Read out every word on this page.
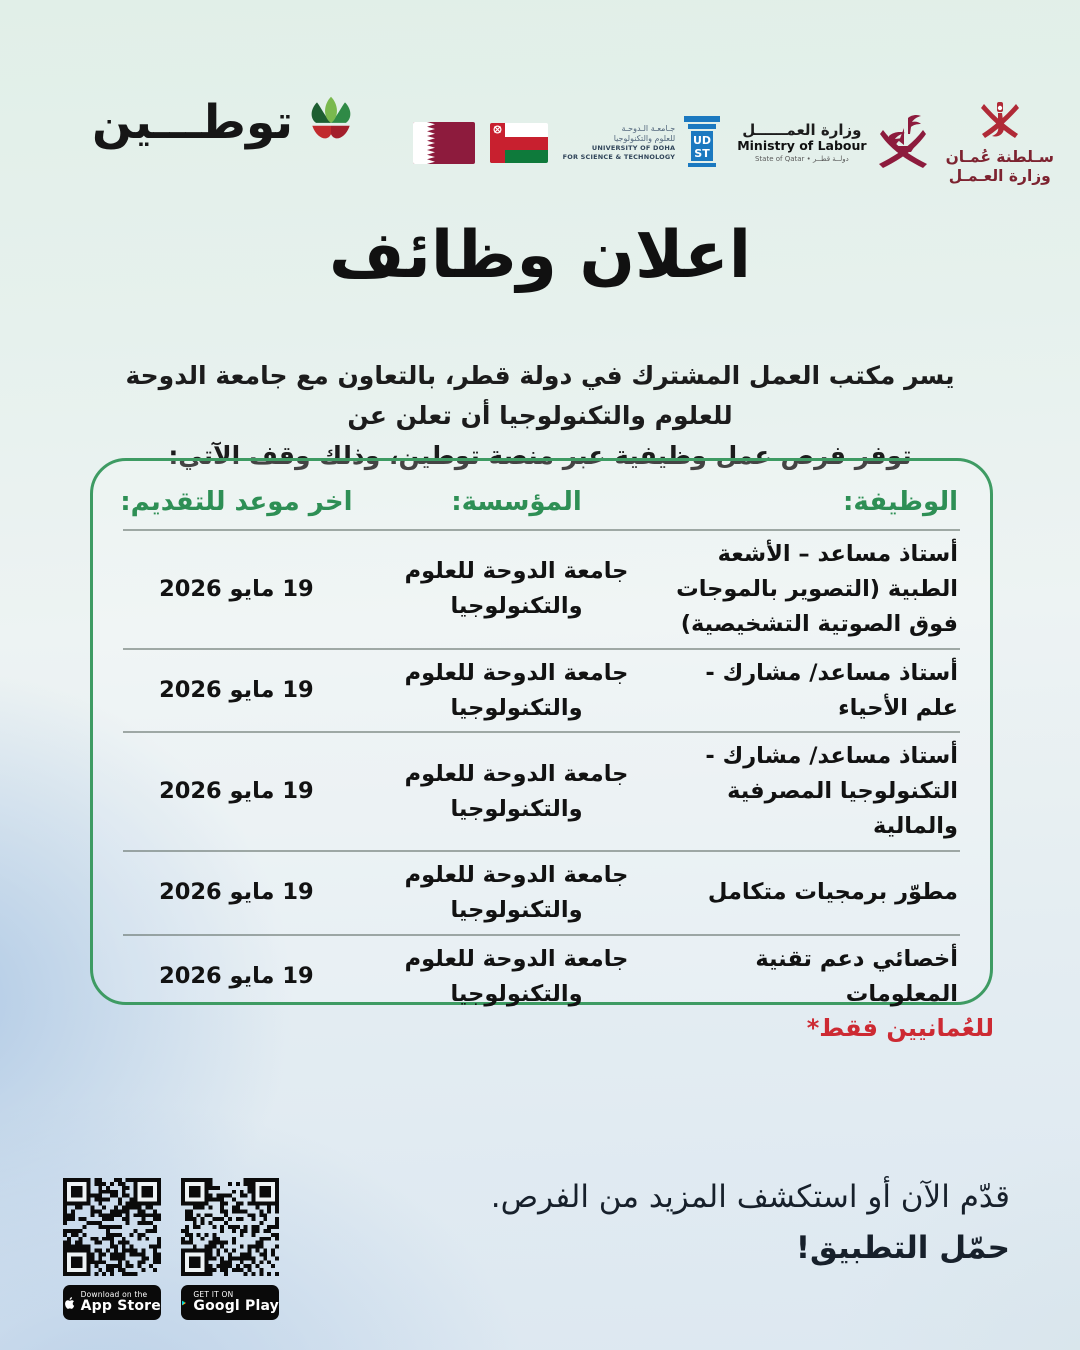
توطـــين	جـامعـة الـدوحـة
للعلوم والتكنولوجيا
UNIVERSITY OF DOHA
FOR SCIENCE & TECHNOLOGY
UD
ST
وزارة العمــــــل
Ministry of Labour
State of Qatar • دولــة قطــر	سـلطنة عُمـان
وزارة العـمـل
اعلان وظائف
يسر مكتب العمل المشترك في دولة قطر، بالتعاون مع جامعة الدوحة للعلوم والتكنولوجيا أن تعلن عن
توفر فرص عمل وظيفية عبر منصة توطين، وذلك وقف الآتي:
الوظيفة:
المؤسسة:
اخر موعد للتقديم:
أستاذ مساعد – الأشعة الطبية (التصوير بالموجات فوق الصوتية التشخيصية)
جامعة الدوحة للعلوم والتكنولوجيا
19 مايو 2026
أستاذ مساعد/ مشارك - علم الأحياء
جامعة الدوحة للعلوم والتكنولوجيا
19 مايو 2026
أستاذ مساعد/ مشارك - التكنولوجيا المصرفية والمالية
جامعة الدوحة للعلوم والتكنولوجيا
19 مايو 2026
مطوّر برمجيات متكامل
جامعة الدوحة للعلوم والتكنولوجيا
19 مايو 2026
أخصائي دعم تقنية المعلومات
جامعة الدوحة للعلوم والتكنولوجيا
19 مايو 2026
للعُمانيين فقط*
قدّم الآن أو استكشف المزيد من الفرص.
حمّل التطبيق!
Download on the
App Store
GET IT ON
Googl Play
